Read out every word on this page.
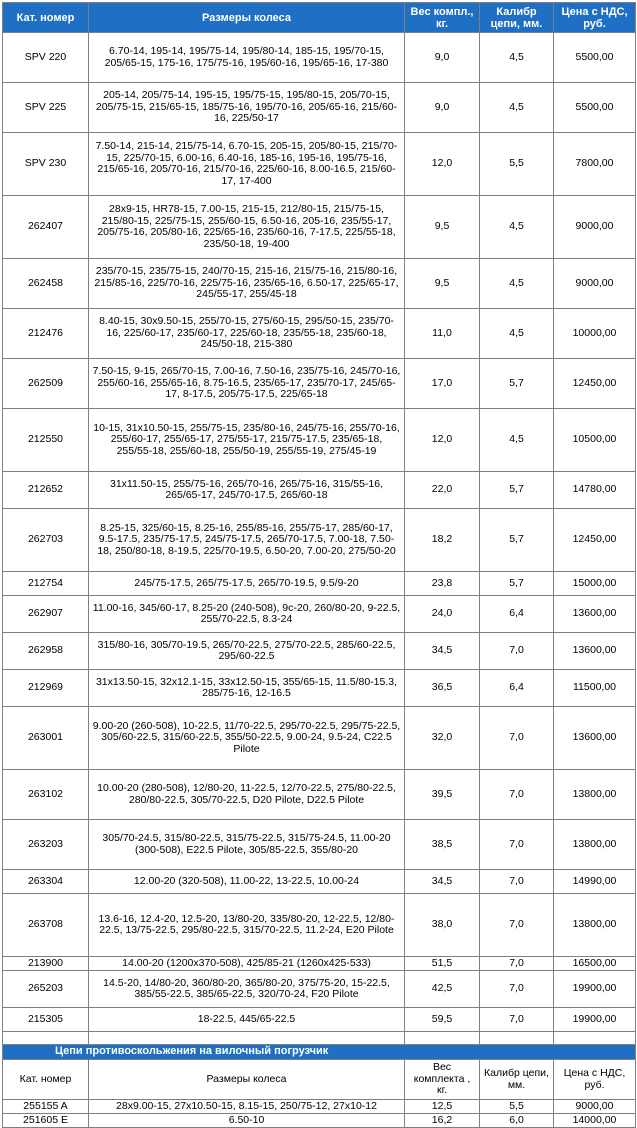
Кат. номер	Размеры колеса	Вес компл., кг.	Калибр цепи, мм.	Цена с НДС, руб.
SPV 220	6.70-14, 195-14, 195/75-14, 195/80-14, 185-15, 195/70-15, 205/65-15, 175-16, 175/75-16, 195/60-16, 195/65-16, 17-380	9,0	4,5	5500,00
SPV 225	205-14, 205/75-14, 195-15, 195/75-15, 195/80-15, 205/70-15, 205/75-15, 215/65-15, 185/75-16, 195/70-16, 205/65-16, 215/60-16, 225/50-17	9,0	4,5	5500,00
SPV 230	7.50-14, 215-14, 215/75-14, 6.70-15, 205-15, 205/80-15, 215/70-15, 225/70-15, 6.00-16, 6.40-16, 185-16, 195-16, 195/75-16, 215/65-16, 205/70-16, 215/70-16, 225/60-16, 8.00-16.5, 215/60-17, 17-400	12,0	5,5	7800,00
262407	28x9-15, HR78-15, 7.00-15, 215-15, 212/80-15, 215/75-15, 215/80-15, 225/75-15, 255/60-15, 6.50-16, 205-16, 235/55-17, 205/75-16, 205/80-16, 225/65-16, 235/60-16, 7-17.5, 225/55-18, 235/50-18, 19-400	9,5	4,5	9000,00
262458	235/70-15, 235/75-15, 240/70-15, 215-16, 215/75-16, 215/80-16, 215/85-16, 225/70-16, 225/75-16, 235/65-16, 6.50-17, 225/65-17, 245/55-17, 255/45-18	9,5	4,5	9000,00
212476	8.40-15, 30x9.50-15, 255/70-15, 275/60-15, 295/50-15, 235/70-16, 225/60-17, 235/60-17, 225/60-18, 235/55-18, 235/60-18, 245/50-18, 215-380	11,0	4,5	10000,00
262509	7.50-15, 9-15, 265/70-15, 7.00-16, 7.50-16, 235/75-16, 245/70-16, 255/60-16, 255/65-16, 8.75-16.5, 235/65-17, 235/70-17, 245/65-17, 8-17.5, 205/75-17.5, 225/65-18	17,0	5,7	12450,00
212550	10-15, 31x10.50-15, 255/75-15, 235/80-16, 245/75-16, 255/70-16, 255/60-17, 255/65-17, 275/55-17, 215/75-17.5, 235/65-18, 255/55-18, 255/60-18, 255/50-19, 255/55-19, 275/45-19	12,0	4,5	10500,00
212652	31x11.50-15, 255/75-16, 265/70-16, 265/75-16, 315/55-16, 265/65-17, 245/70-17.5, 265/60-18	22,0	5,7	14780,00
262703	8.25-15, 325/60-15, 8.25-16, 255/85-16, 255/75-17, 285/60-17, 9.5-17.5, 235/75-17.5, 245/75-17.5, 265/70-17.5, 7.00-18, 7.50-18, 250/80-18, 8-19.5, 225/70-19.5, 6.50-20, 7.00-20, 275/50-20	18,2	5,7	12450,00
212754	245/75-17.5, 265/75-17.5, 265/70-19.5, 9.5/9-20	23,8	5,7	15000,00
262907	11.00-16, 345/60-17, 8.25-20 (240-508), 9c-20, 260/80-20, 9-22.5, 255/70-22.5, 8.3-24	24,0	6,4	13600,00
262958	315/80-16, 305/70-19.5, 265/70-22.5, 275/70-22.5, 285/60-22.5, 295/60-22.5	34,5	7,0	13600,00
212969	31x13.50-15, 32x12.1-15, 33x12.50-15, 355/65-15, 11.5/80-15.3, 285/75-16, 12-16.5	36,5	6,4	11500,00
263001	9.00-20 (260-508), 10-22.5, 11/70-22.5, 295/70-22.5, 295/75-22.5, 305/60-22.5, 315/60-22.5, 355/50-22.5, 9.00-24, 9.5-24, C22.5 Pilote	32,0	7,0	13600,00
263102	10.00-20 (280-508), 12/80-20, 11-22.5, 12/70-22.5, 275/80-22.5, 280/80-22.5, 305/70-22.5, D20 Pilote, D22.5 Pilote	39,5	7,0	13800,00
263203	305/70-24.5, 315/80-22.5, 315/75-22.5, 315/75-24.5, 11.00-20 (300-508), E22.5 Pilote, 305/85-22.5, 355/80-20	38,5	7,0	13800,00
263304	12.00-20 (320-508), 11.00-22, 13-22.5, 10.00-24	34,5	7,0	14990,00
263708	13.6-16, 12.4-20, 12.5-20, 13/80-20, 335/80-20, 12-22.5, 12/80-22.5, 13/75-22.5, 295/80-22.5, 315/70-22.5, 11.2-24, E20 Pilote	38,0	7,0	13800,00
213900	14.00-20 (1200x370-508), 425/85-21 (1260x425-533)	51,5	7,0	16500,00
265203	14.5-20, 14/80-20, 360/80-20, 365/80-20, 375/75-20, 15-22.5, 385/55-22.5, 385/65-22.5, 320/70-24, F20 Pilote	42,5	7,0	19900,00
215305	18-22.5, 445/65-22.5	59,5	7,0	19900,00

Цепи противоскольжения на вилочный погрузчик				
Кат. номер	Размеры колеса	Вес комплекта , кг.	Калибр цепи, мм.	Цена с НДС, руб.
255155 A	28x9.00-15, 27x10.50-15, 8.15-15, 250/75-12, 27x10-12	12,5	5,5	9000,00
251605 E	6.50-10	16,2	6,0	14000,00
